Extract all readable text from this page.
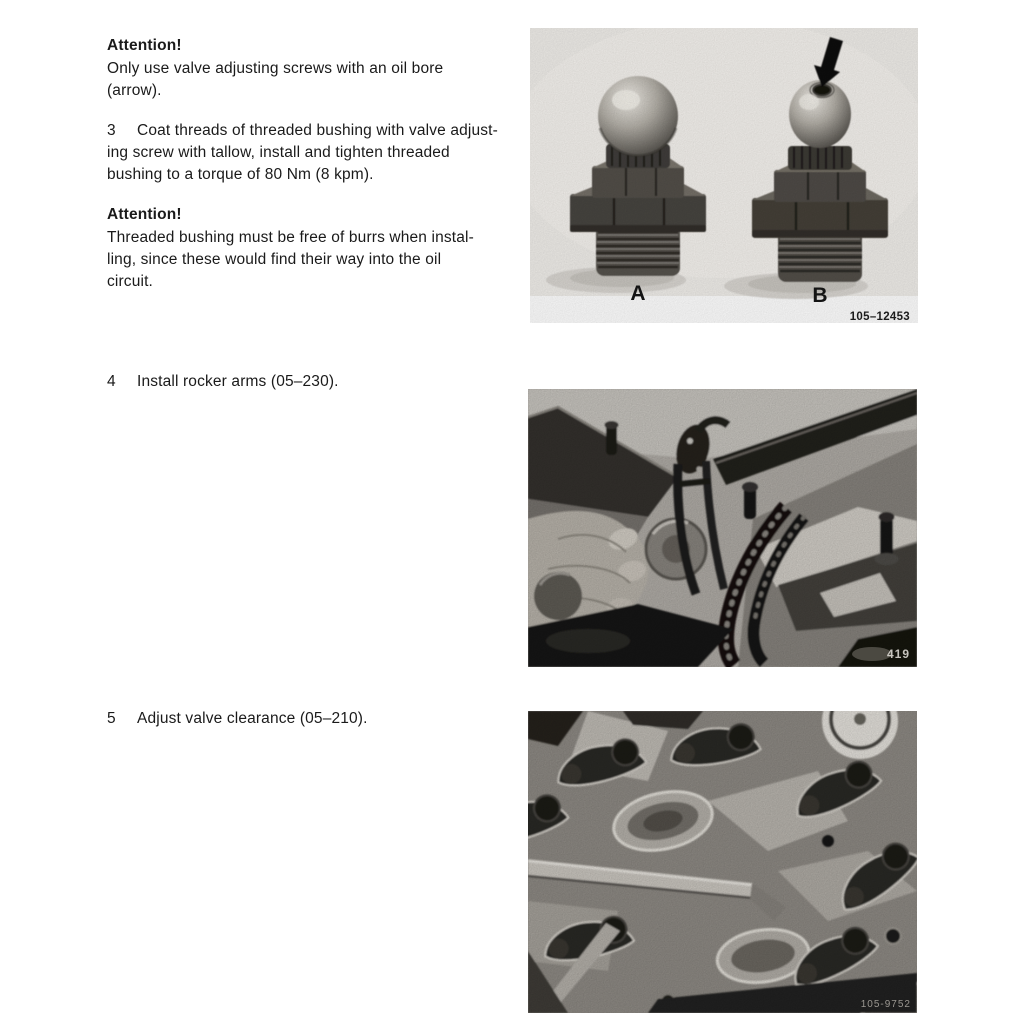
Attention!
Only use valve adjusting screws with an oil bore
(arrow).
3	Coat threads of threaded bushing with valve adjust-
ing screw with tallow, install and tighten threaded
bushing to a torque of 80 Nm (8 kpm).
Attention!
Threaded bushing must be free of burrs when instal-
ling, since these would find their way into the oil
circuit.
4	Install rocker arms (05–230).
5	Adjust valve clearance (05–210).
A	B
105–12453
419
105-9752
